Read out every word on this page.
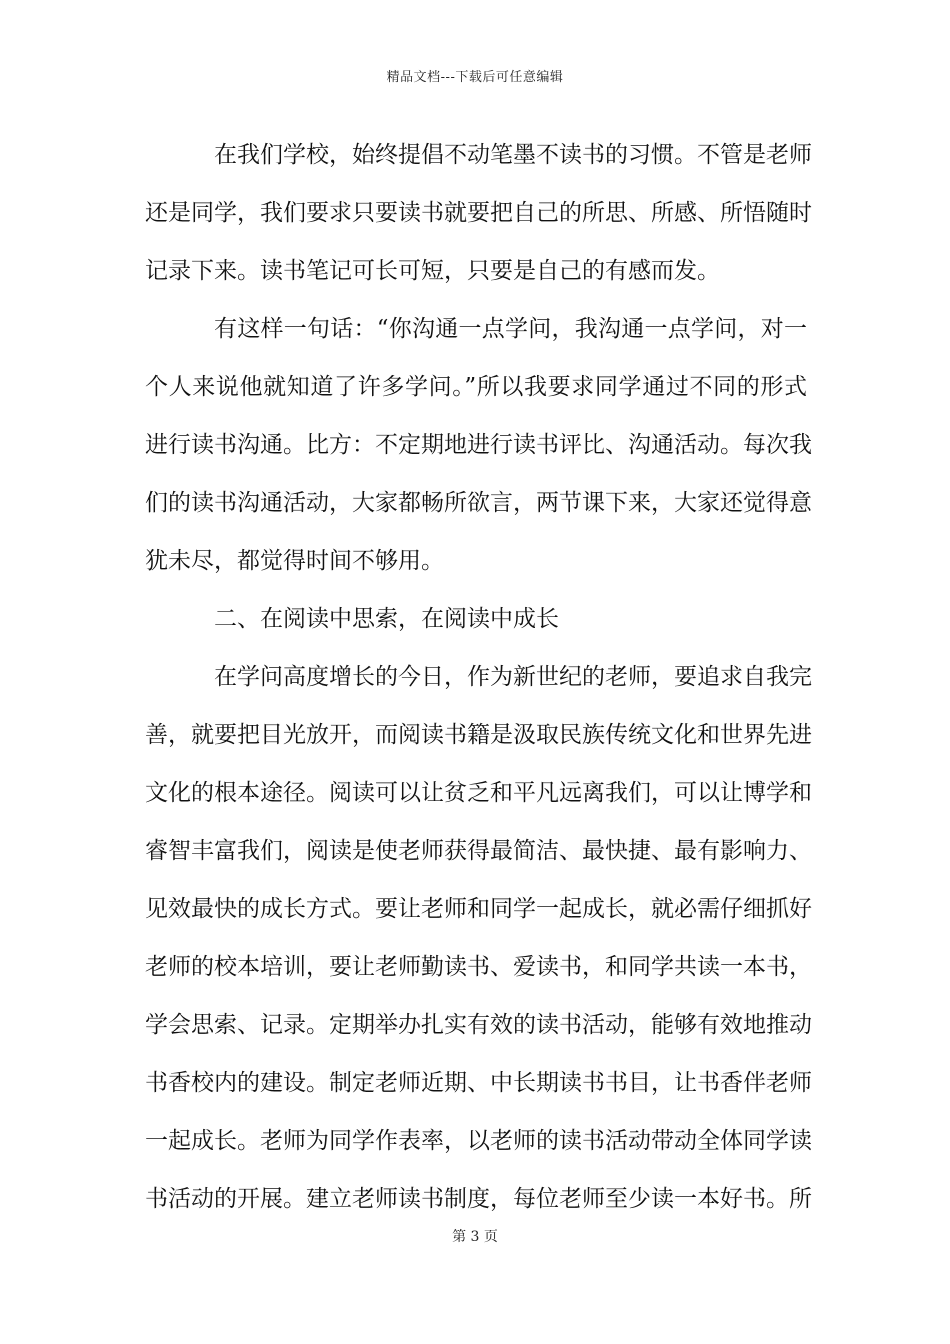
精品文档---下载后可任意编辑
在我们学校，始终提倡不动笔墨不读书的习惯。不管是老师
还是同学，我们要求只要读书就要把自己的所思、所感、所悟随时
记录下来。读书笔记可长可短，只要是自己的有感而发。
有这样一句话：“你沟通一点学问，我沟通一点学问，对一
个人来说他就知道了许多学问。”所以我要求同学通过不同的形式
进行读书沟通。比方：不定期地进行读书评比、沟通活动。每次我
们的读书沟通活动，大家都畅所欲言，两节课下来，大家还觉得意
犹未尽，都觉得时间不够用。
二、在阅读中思索，在阅读中成长
在学问高度增长的今日，作为新世纪的老师，要追求自我完
善，就要把目光放开，而阅读书籍是汲取民族传统文化和世界先进
文化的根本途径。阅读可以让贫乏和平凡远离我们，可以让博学和
睿智丰富我们，阅读是使老师获得最简洁、最快捷、最有影响力、
见效最快的成长方式。要让老师和同学一起成长，就必需仔细抓好
老师的校本培训，要让老师勤读书、爱读书，和同学共读一本书，
学会思索、记录。定期举办扎实有效的读书活动，能够有效地推动
书香校内的建设。制定老师近期、中长期读书书目，让书香伴老师
一起成长。老师为同学作表率，以老师的读书活动带动全体同学读
书活动的开展。建立老师读书制度，每位老师至少读一本好书。所
第 3 页
